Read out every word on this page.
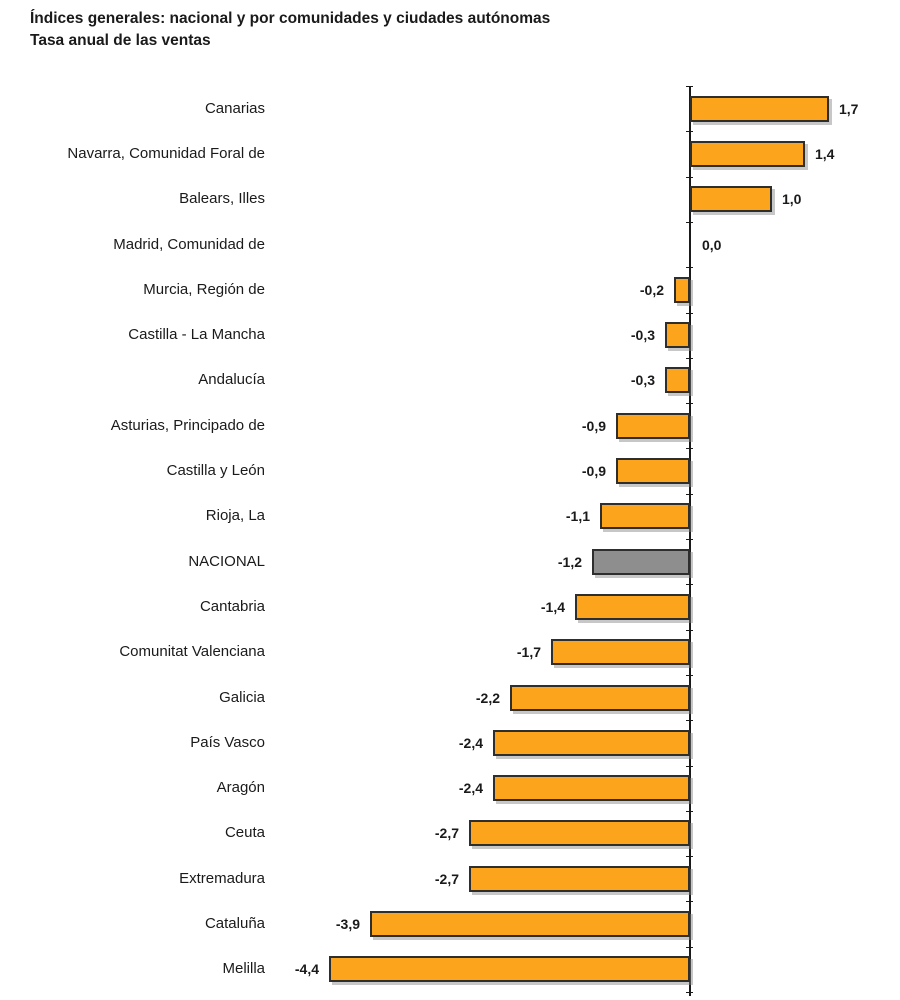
Índices generales: nacional y por comunidades y ciudades autónomas
Tasa anual de las ventas
Canarias	1,7
Navarra, Comunidad Foral de	1,4
Balears, Illes	1,0
Madrid, Comunidad de	0,0
Murcia, Región de	-0,2
Castilla - La Mancha	-0,3
Andalucía	-0,3
Asturias, Principado de	-0,9
Castilla y León	-0,9
Rioja, La	-1,1
NACIONAL	-1,2
Cantabria	-1,4
Comunitat Valenciana	-1,7
Galicia	-2,2
País Vasco	-2,4
Aragón	-2,4
Ceuta	-2,7
Extremadura	-2,7
Cataluña	-3,9
Melilla	-4,4
